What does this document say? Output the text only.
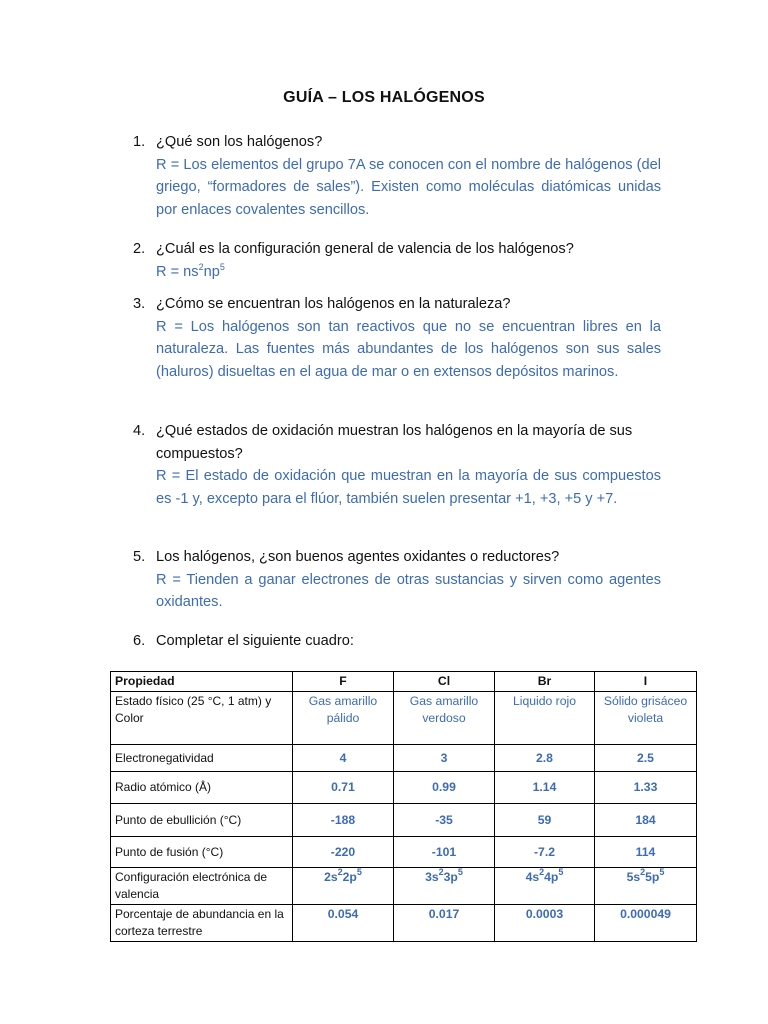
GUÍA – LOS HALÓGENOS
1. ¿Qué son los halógenos?
R = Los elementos del grupo 7A se conocen con el nombre de halógenos (del griego, “formadores de sales”). Existen como moléculas diatómicas unidas por enlaces covalentes sencillos.
2. ¿Cuál es la configuración general de valencia de los halógenos?
$R = ns^2np^5$
3. ¿Cómo se encuentran los halógenos en la naturaleza?
R = Los halógenos son tan reactivos que no se encuentran libres en la naturaleza. Las fuentes más abundantes de los halógenos son sus sales (haluros) disueltas en el agua de mar o en extensos depósitos marinos.
4. ¿Qué estados de oxidación muestran los halógenos en la mayoría de sus compuestos?
R = El estado de oxidación que muestran en la mayoría de sus compuestos es -1 y, excepto para el flúor, también suelen presentar +1, +3, +5 y +7.
5. Los halógenos, ¿son buenos agentes oxidantes o reductores?
R = Tienden a ganar electrones de otras sustancias y sirven como agentes oxidantes.
6. Completar el siguiente cuadro:
Propiedad	F	Cl	Br	I
Estado físico (25 °C, 1 atm) y Color	Gas amarillo pálido	Gas amarillo verdoso	Liquido rojo	Sólido grisáceo violeta
Electronegatividad	4	3	2.8	2.5
Radio atómico (Å)	0.71	0.99	1.14	1.33
Punto de ebullición (°C)	-188	-35	59	184
Punto de fusión (°C)	-220	-101	-7.2	114
Configuración electrónica de valencia	$2s^22p^5$	$3s^23p^5$	$4s^24p^5$	$5s^25p^5$
Porcentaje de abundancia en la corteza terrestre	0.054	0.017	0.0003	0.000049
